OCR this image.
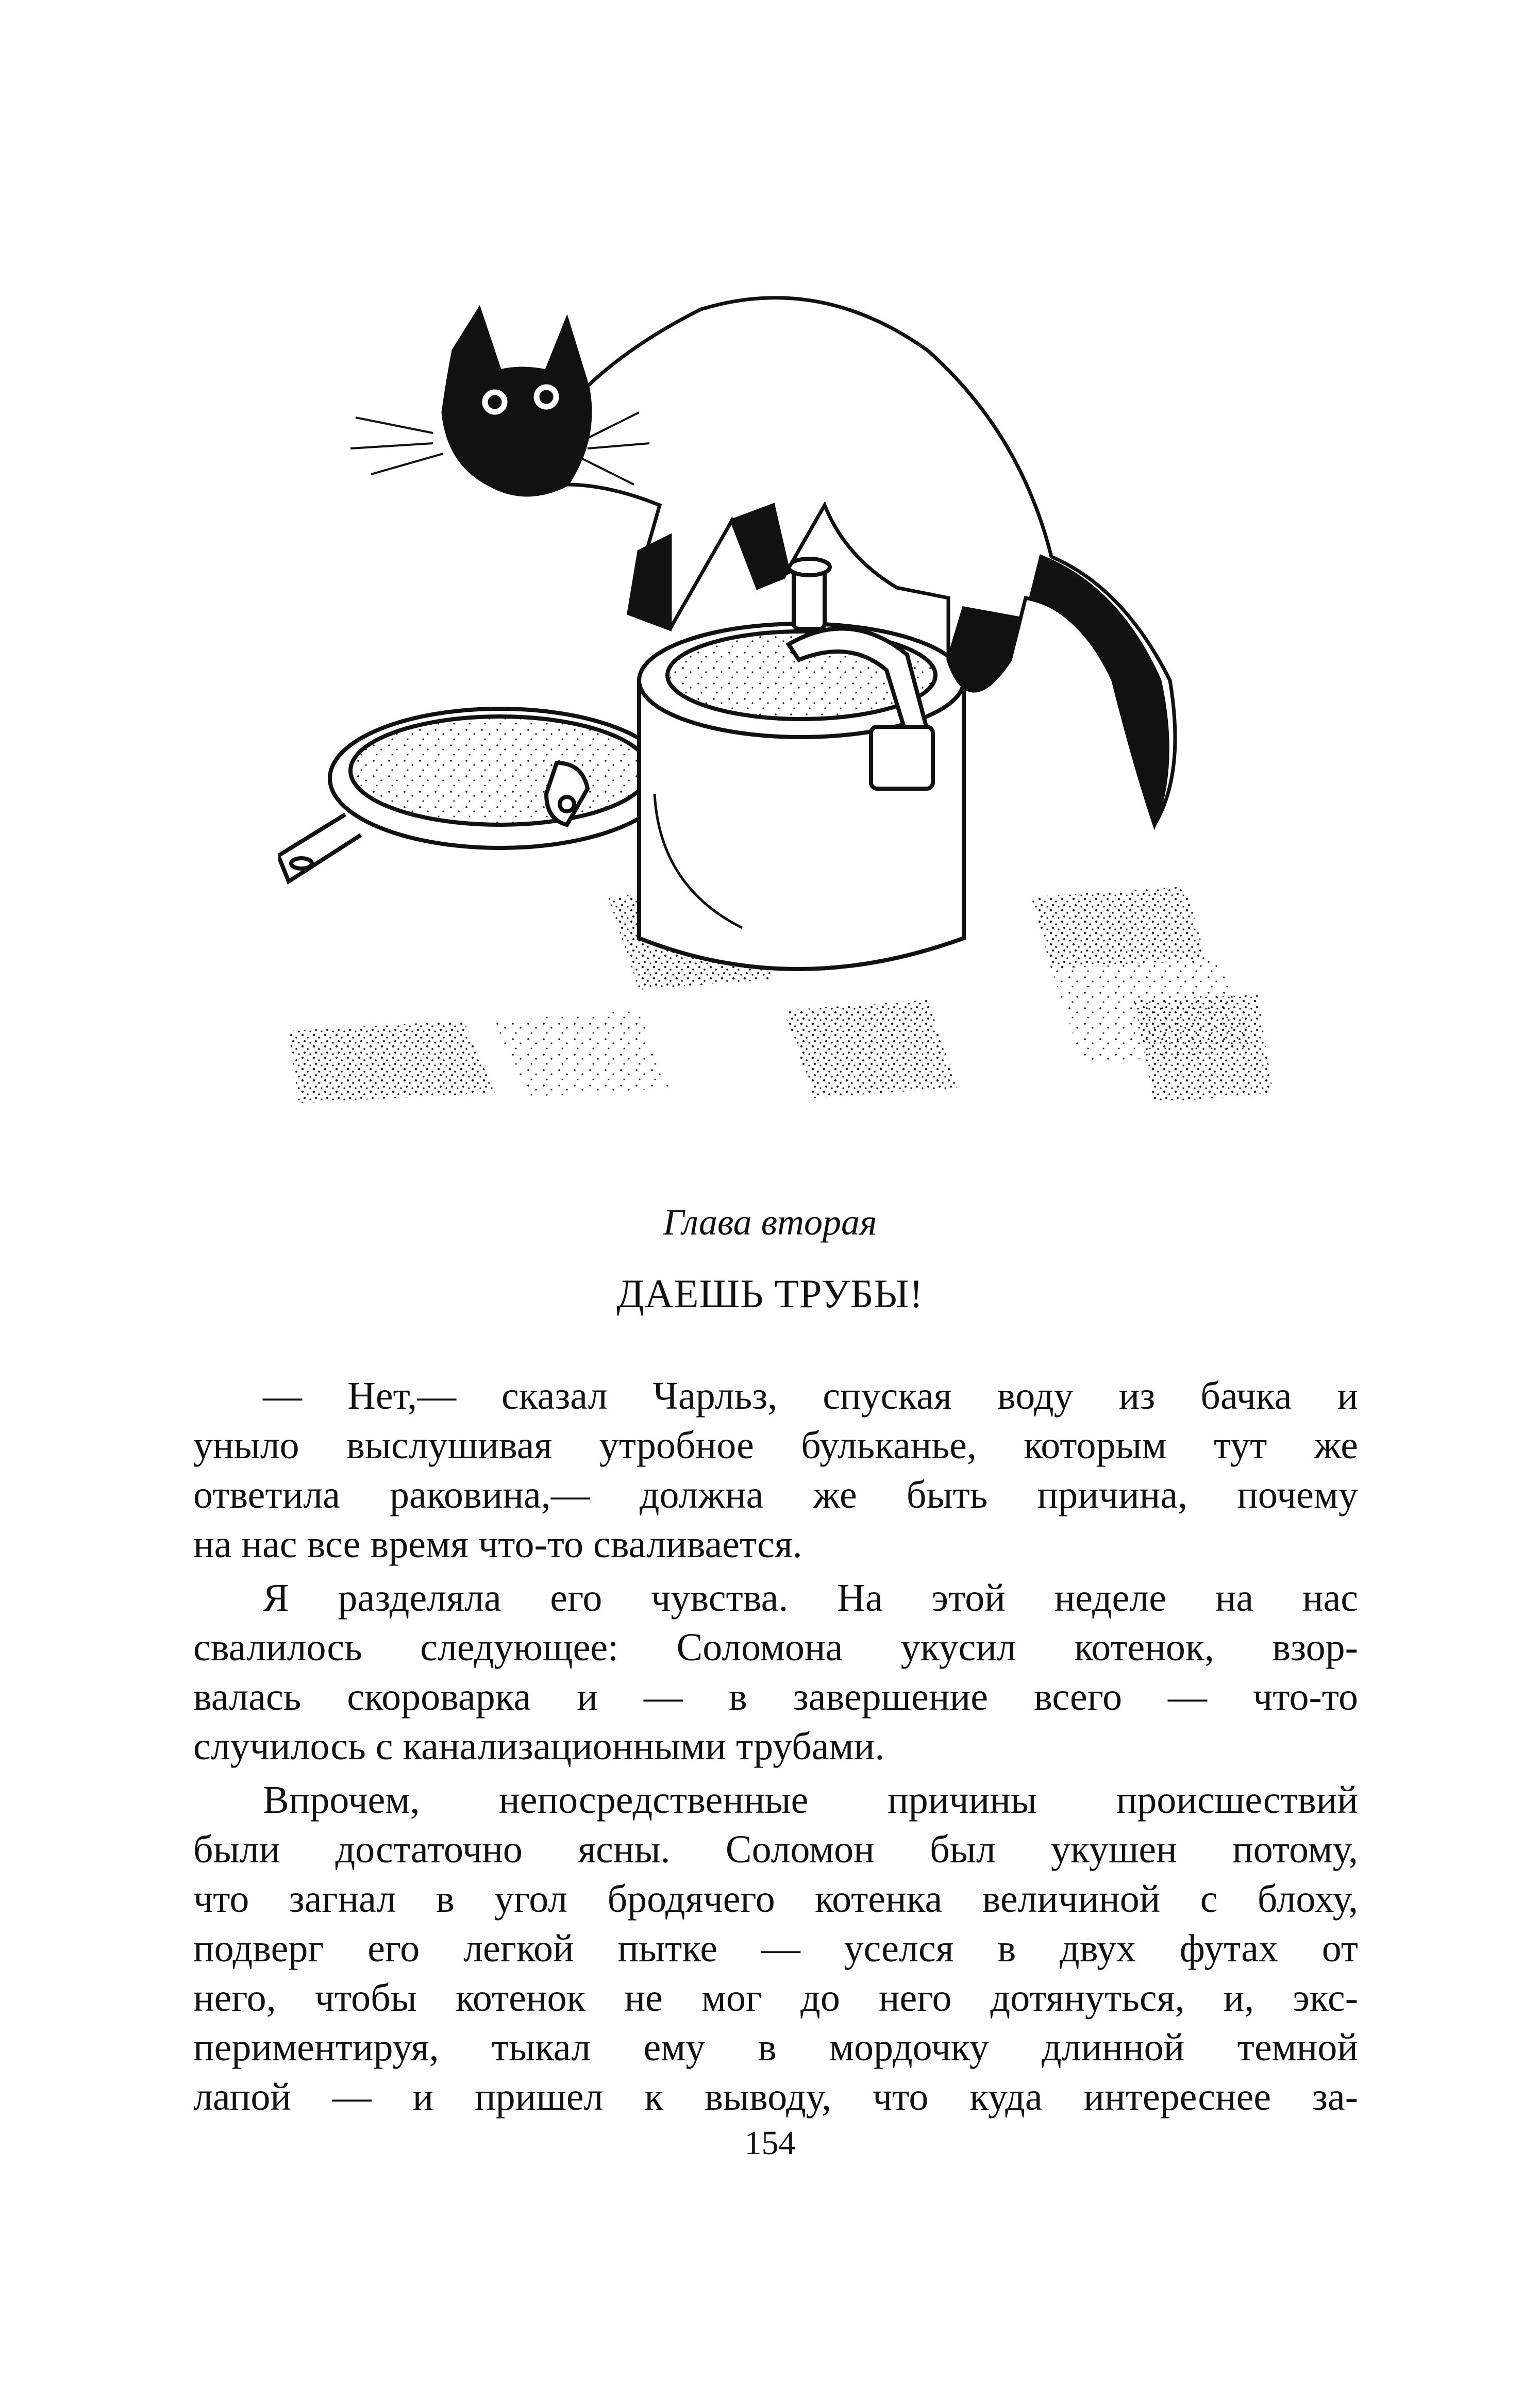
Глава вторая
ДАЕШЬ ТРУБЫ!
— Нет,— сказал Чарльз, спуская воду из бачка и
уныло выслушивая утробное бульканье, которым тут же
ответила раковина,— должна же быть причина, почему
на нас все время что-то сваливается.
Я разделяла его чувства. На этой неделе на нас
свалилось следующее: Соломона укусил котенок, взор-
валась скороварка и — в завершение всего — что-то
случилось с канализационными трубами.
Впрочем, непосредственные причины происшествий
были достаточно ясны. Соломон был укушен потому,
что загнал в угол бродячего котенка величиной с блоху,
подверг его легкой пытке — уселся в двух футах от
него, чтобы котенок не мог до него дотянуться, и, экс-
периментируя, тыкал ему в мордочку длинной темной
лапой — и пришел к выводу, что куда интереснее за-
154
